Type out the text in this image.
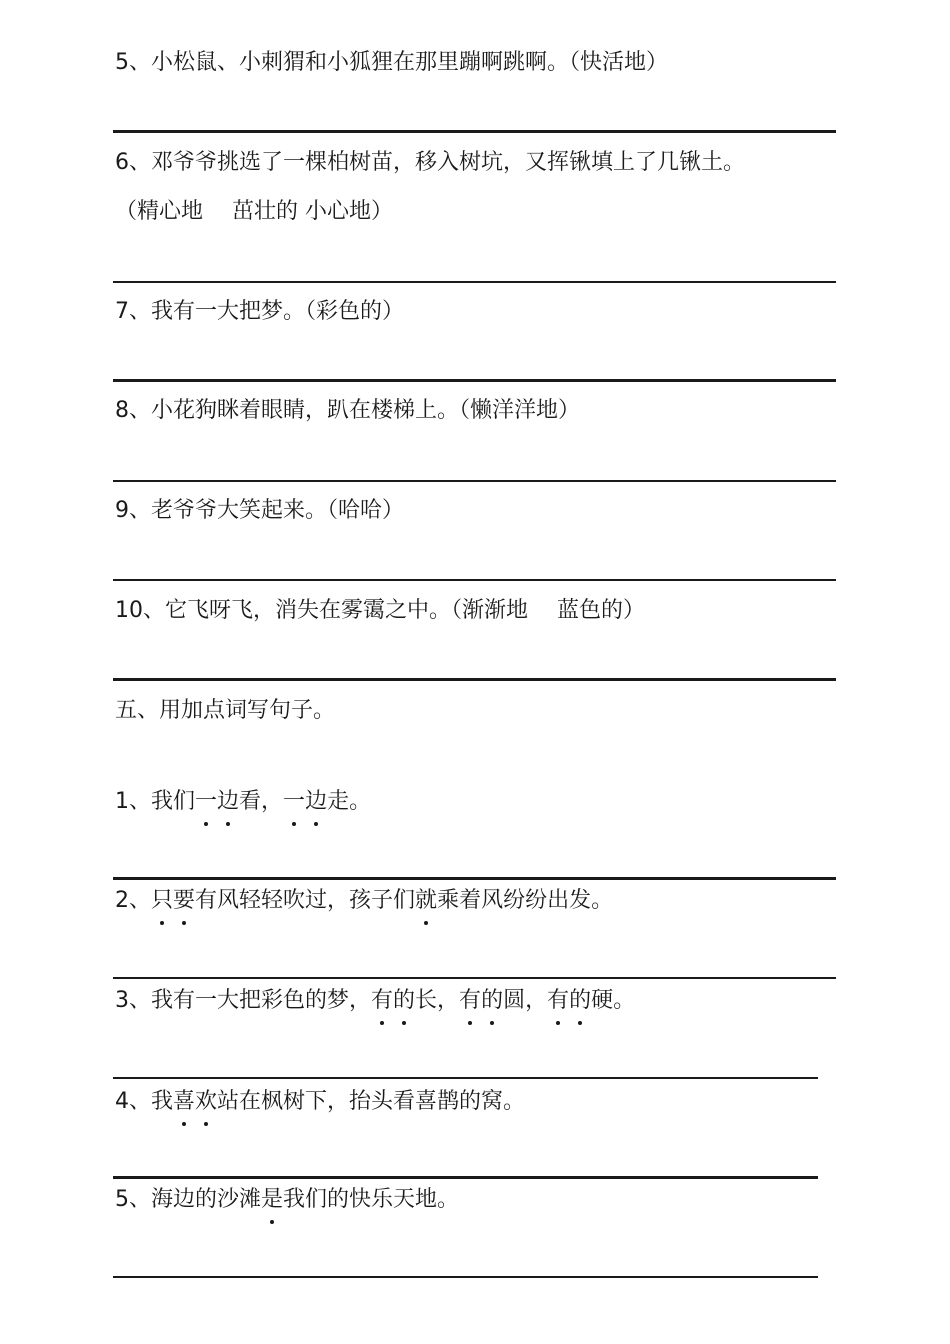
5、小松鼠、小刺猬和小狐狸在那里蹦啊跳啊。（快活地）
6、邓爷爷挑选了一棵柏树苗，移入树坑，又挥锹填上了几锹土。
（精心地　 茁壮的 小心地）
7、我有一大把梦。（彩色的）
8、小花狗眯着眼睛，趴在楼梯上。（懒洋洋地）
9、老爷爷大笑起来。（哈哈）
10、它飞呀飞，消失在雾霭之中。（渐渐地　 蓝色的）
五、用加点词写句子。
1、我们一边看，一边走。
2、只要有风轻轻吹过，孩子们就乘着风纷纷出发。
3、我有一大把彩色的梦，有的长，有的圆，有的硬。
4、我喜欢站在枫树下，抬头看喜鹊的窝。
5、海边的沙滩是我们的快乐天地。
